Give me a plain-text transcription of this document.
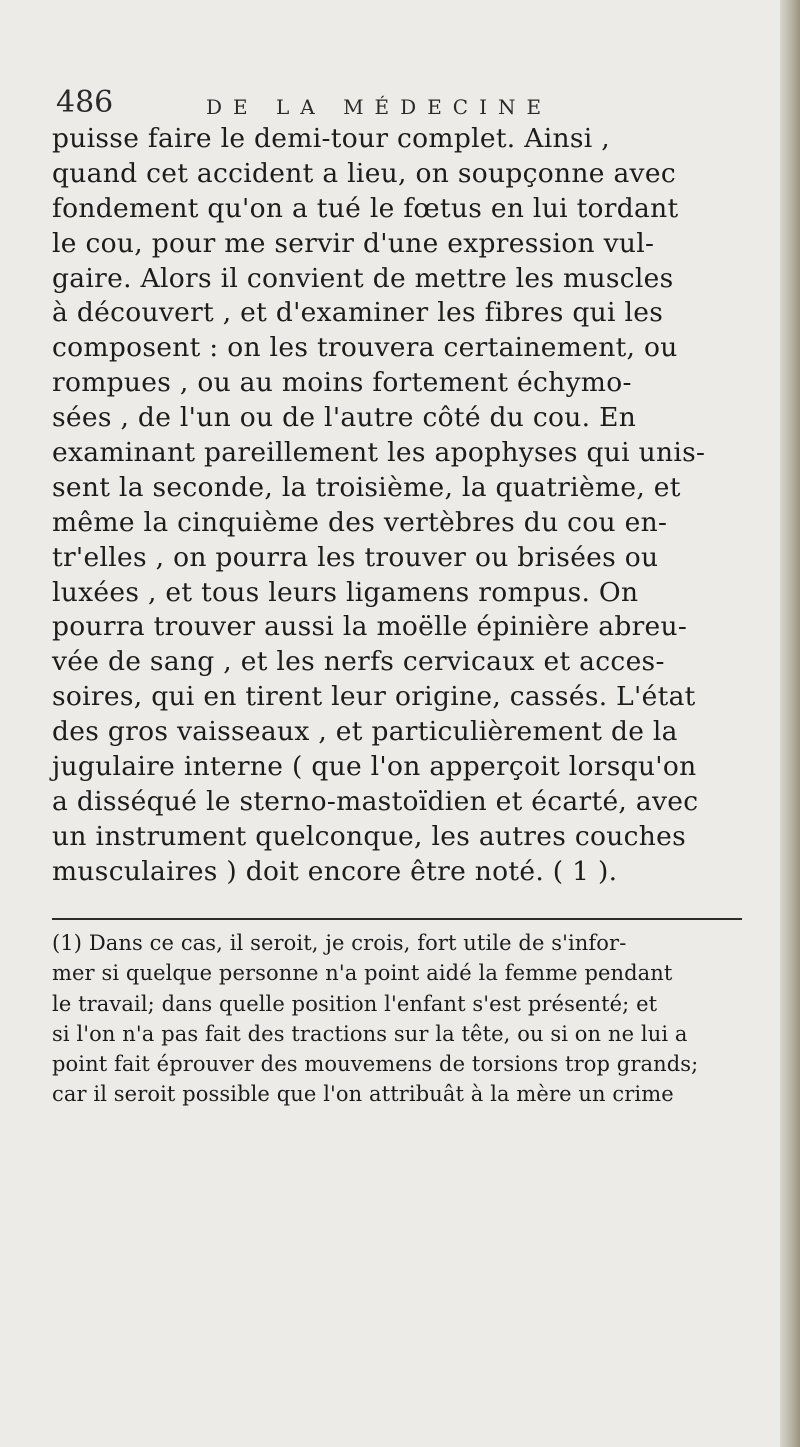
486	DE LA MÉDECINE
puisse faire le demi-tour complet. Ainsi ,
quand cet accident a lieu, on soupçonne avec
fondement qu'on a tué le fœtus en lui tordant
le cou, pour me servir d'une expression vul-
gaire. Alors il convient de mettre les muscles
à découvert , et d'examiner les fibres qui les
composent : on les trouvera certainement, ou
rompues , ou au moins fortement échymo-
sées , de l'un ou de l'autre côté du cou. En
examinant pareillement les apophyses qui unis-
sent la seconde, la troisième, la quatrième, et
même la cinquième des vertèbres du cou en-
tr'elles , on pourra les trouver ou brisées ou
luxées , et tous leurs ligamens rompus. On
pourra trouver aussi la moëlle épinière abreu-
vée de sang , et les nerfs cervicaux et acces-
soires, qui en tirent leur origine, cassés. L'état
des gros vaisseaux , et particulièrement de la
jugulaire interne ( que l'on apperçoit lorsqu'on
a disséqué le sterno-mastoïdien et écarté, avec
un instrument quelconque, les autres couches
musculaires ) doit encore être noté. ( 1 ).
(1) Dans ce cas, il seroit, je crois, fort utile de s'infor-
mer si quelque personne n'a point aidé la femme pendant
le travail; dans quelle position l'enfant s'est présenté; et
si l'on n'a pas fait des tractions sur la tête, ou si on ne lui a
point fait éprouver des mouvemens de torsions trop grands;
car il seroit possible que l'on attribuât à la mère un crime
